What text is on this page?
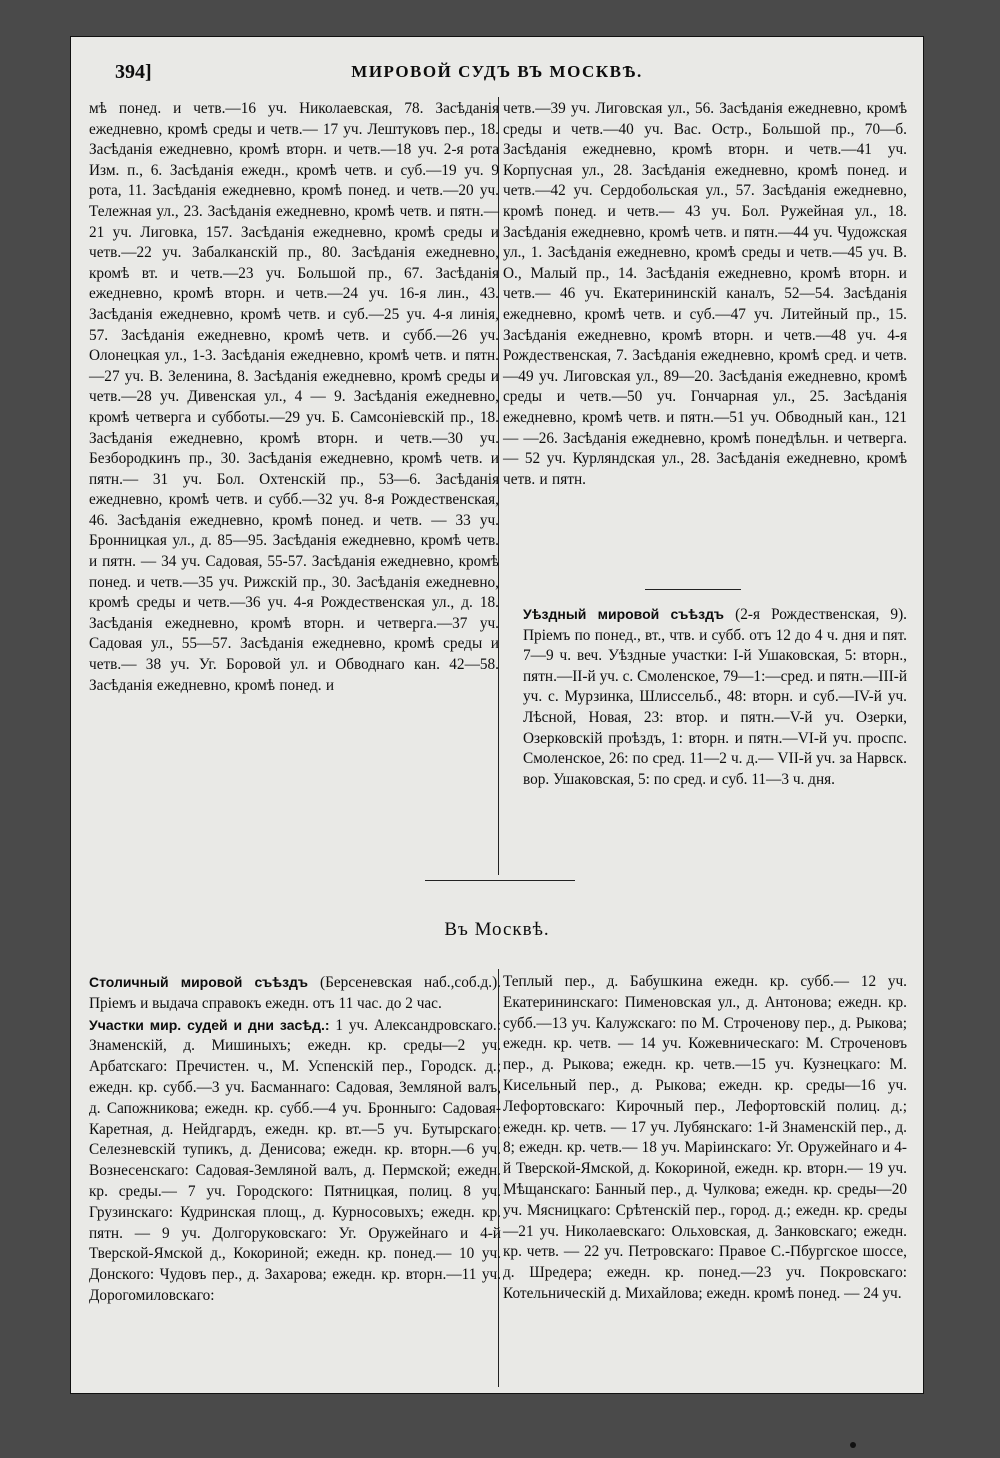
394]	МИРОВОЙ СУДЪ ВЪ МОСКВѢ.

мѣ понед. и четв.—16 уч. Николаевская, 78. Засѣданія ежедневно, кромѣ среды и четв.— 17 уч. Лештуковъ пер., 18. Засѣданія ежедневно, кромѣ вторн. и четв.—18 уч. 2-я рота Изм. п., 6. Засѣданія ежедн., кромѣ четв. и суб.—19 уч. 9 рота, 11. Засѣданія ежедневно, кромѣ понед. и четв.—20 уч. Тележная ул., 23. Засѣданія ежедневно, кромѣ четв. и пятн.—21 уч. Лиговка, 157. Засѣданія ежедневно, кромѣ среды и четв.—22 уч. Забалканскій пр., 80. Засѣданія ежедневно, кромѣ вт. и четв.—23 уч. Большой пр., 67. Засѣданія ежедневно, кромѣ вторн. и четв.—24 уч. 16-я лин., 43. Засѣданія ежедневно, кромѣ четв. и суб.—25 уч. 4-я линія, 57. Засѣданія ежедневно, кромѣ четв. и субб.—26 уч. Олонецкая ул., 1-3. Засѣданія ежедневно, кромѣ четв. и пятн.—27 уч. В. Зеленина, 8. Засѣданія ежедневно, кромѣ среды и четв.—28 уч. Дивенская ул., 4 — 9. Засѣданія ежедневно, кромѣ четверга и субботы.—29 уч. Б. Самсоніевскій пр., 18. Засѣданія ежедневно, кромѣ вторн. и четв.—30 уч. Безбородкинъ пр., 30. Засѣданія ежедневно, кромѣ четв. и пятн.— 31 уч. Бол. Охтенскій пр., 53—6. Засѣданія ежедневно, кромѣ четв. и субб.—32 уч. 8-я Рождественская, 46. Засѣданія ежедневно, кромѣ понед. и четв. — 33 уч. Бронницкая ул., д. 85—95. Засѣданія ежедневно, кромѣ четв. и пятн. — 34 уч. Садовая, 55-57. Засѣданія ежедневно, кромѣ понед. и четв.—35 уч. Рижскій пр., 30. Засѣданія ежедневно, кромѣ среды и четв.—36 уч. 4-я Рождественская ул., д. 18. Засѣданія ежедневно, кромѣ вторн. и четверга.—37 уч. Садовая ул., 55—57. Засѣданія ежедневно, кромѣ среды и четв.— 38 уч. Уг. Боровой ул. и Обводнаго кан. 42—58. Засѣданія ежедневно, кромѣ понед. и

четв.—39 уч. Лиговская ул., 56. Засѣданія ежедневно, кромѣ среды и четв.—40 уч. Вас. Остр., Большой пр., 70—б. Засѣданія ежедневно, кромѣ вторн. и четв.—41 уч. Корпусная ул., 28. Засѣданія ежедневно, кромѣ понед. и четв.—42 уч. Сердобольская ул., 57. Засѣданія ежедневно, кромѣ понед. и четв.— 43 уч. Бол. Ружейная ул., 18. Засѣданія ежедневно, кромѣ четв. и пятн.—44 уч. Чудожская ул., 1. Засѣданія ежедневно, кромѣ среды и четв.—45 уч. В. О., Малый пр., 14. Засѣданія ежедневно, кромѣ вторн. и четв.— 46 уч. Екатерининскій каналъ, 52—54. Засѣданія ежедневно, кромѣ четв. и суб.—47 уч. Литейный пр., 15. Засѣданія ежедневно, кромѣ вторн. и четв.—48 уч. 4-я Рождественская, 7. Засѣданія ежедневно, кромѣ сред. и четв.—49 уч. Лиговская ул., 89—20. Засѣданія ежедневно, кромѣ среды и четв.—50 уч. Гончарная ул., 25. Засѣданія ежедневно, кромѣ четв. и пятн.—51 уч. Обводный кан., 121— —26. Засѣданія ежедневно, кромѣ понедѣльн. и четверга. — 52 уч. Курляндская ул., 28. Засѣданія ежедневно, кромѣ четв. и пятн.

Уѣздный мировой съѣздъ (2-я Рождественская, 9). Пріемъ по понед., вт., чтв. и субб. отъ 12 до 4 ч. дня и пят. 7—9 ч. веч. Уѣздные участки: І-й Ушаковская, 5: вторн., пятн.—ІІ-й уч. с. Смоленское, 79—1:—сред. и пятн.—ІІІ-й уч. с. Мурзинка, Шлиссельб., 48: вторн. и суб.—ІV-й уч. Лѣсной, Новая, 23: втор. и пятн.—V-й уч. Озерки, Озерковскій проѣздъ, 1: вторн. и пятн.—VІ-й уч. проспс. Смоленское, 26: по сред. 11—2 ч. д.— VІІ-й уч. за Нарвск. вор. Ушаковская, 5: по сред. и суб. 11—3 ч. дня.
Въ Москвѣ.
Столичный мировой съѣздъ (Берсеневская наб.,соб.д.). Пріемъ и выдача справокъ ежедн. отъ 11 час. до 2 час.
Участки мир. судей и дни засѣд.: 1 уч. Александровскаго.: Знаменскій, д. Мишиныхъ; ежедн. кр. среды—2 уч. Арбатскаго: Пречистен. ч., М. Успенскій пер., Городск. д.; ежедн. кр. субб.—3 уч. Басманнаго: Садовая, Земляной валъ, д. Сапожникова; ежедн. кр. субб.—4 уч. Бронныго: Садовая-Каретная, д. Нейдгардъ, ежедн. кр. вт.—5 уч. Бутырскаго: Селезневскій тупикъ, д. Денисова; ежедн. кр. вторн.—6 уч. Вознесенскаго: Садовая-Земляной валъ, д. Пермской; ежедн. кр. среды.— 7 уч. Городского: Пятницкая, полиц. 8 уч. Грузинскаго: Кудринская площ., д. Курносовыхъ; ежедн. кр. пятн. — 9 уч. Долгоруковскаго: Уг. Оружейнаго и 4-й Тверской-Ямской д., Кокориной; ежедн. кр. понед.— 10 уч. Донского: Чудовъ пер., д. Захарова; ежедн. кр. вторн.—11 уч. Дорогомиловскаго:
Теплый пер., д. Бабушкина ежедн. кр. субб.— 12 уч. Екатерининскаго: Пименовская ул., д. Антонова; ежедн. кр. субб.—13 уч. Калужскаго: по М. Строченову пер., д. Рыкова; ежедн. кр. четв. — 14 уч. Кожевническаго: М. Строченовъ пер., д. Рыкова; ежедн. кр. четв.—15 уч. Кузнецкаго: М. Кисельный пер., д. Рыкова; ежедн. кр. среды—16 уч. Лефортовскаго: Кирочный пер., Лефортовскій полиц. д.; ежедн. кр. четв. — 17 уч. Лубянскаго: 1-й Знаменскій пер., д. 8; ежедн. кр. четв.— 18 уч. Маріинскаго: Уг. Оружейнаго и 4-й Тверской-Ямской, д. Кокориной, ежедн. кр. вторн.— 19 уч. Мѣщанскаго: Банный пер., д. Чулкова; ежедн. кр. среды—20 уч. Мясницкаго: Срѣтенскій пер., город. д.; ежедн. кр. среды—21 уч. Николаевскаго: Ольховская, д. Занковскаго; ежедн. кр. четв. — 22 уч. Петровскаго: Правое С.-Пбургское шоссе, д. Шредера; ежедн. кр. понед.—23 уч. Покровскаго: Котельническій д. Михайлова; ежедн. кромѣ понед. — 24 уч.
